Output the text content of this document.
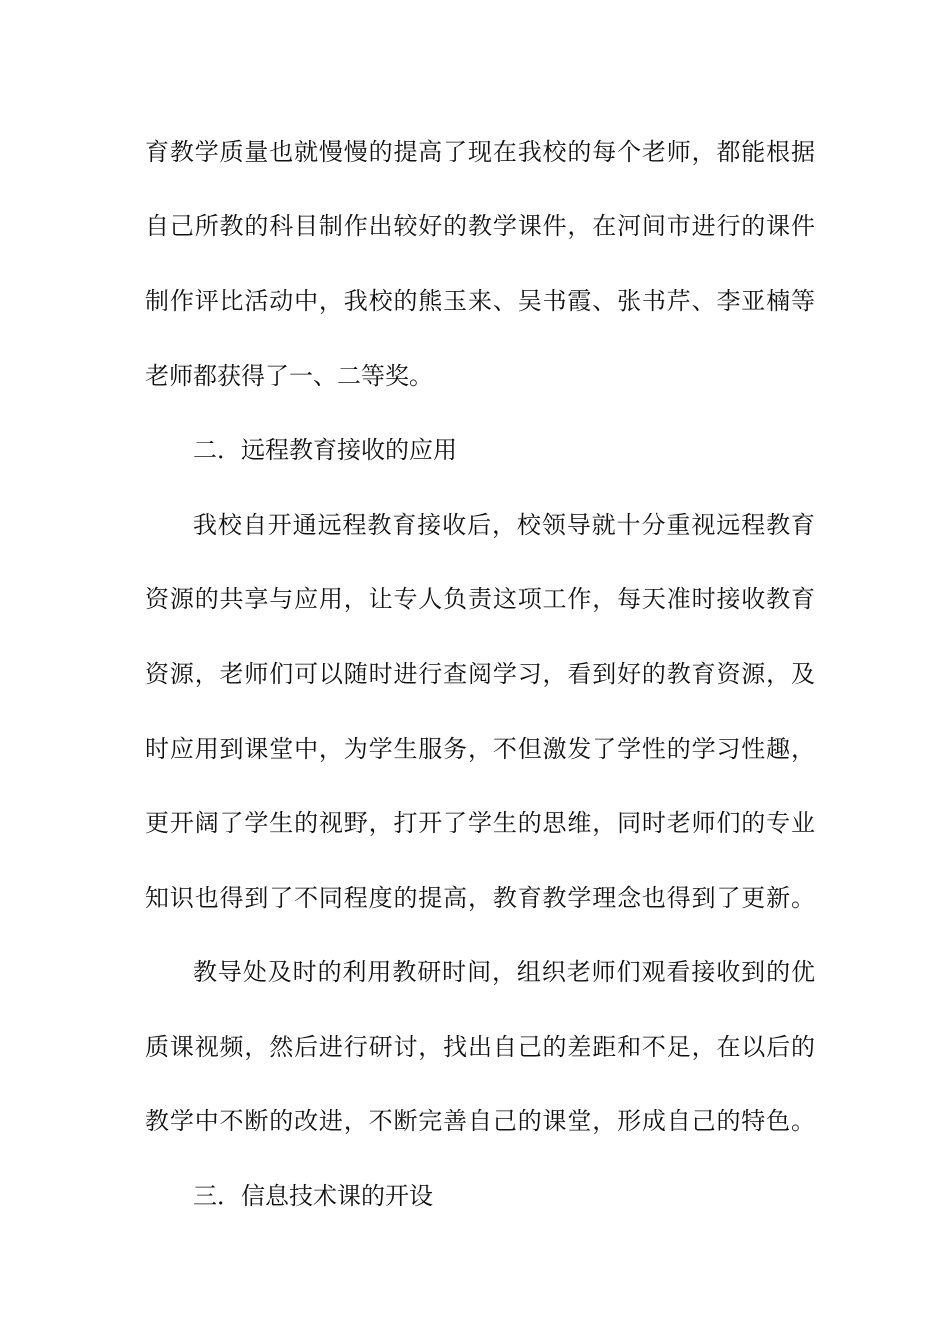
育教学质量也就慢慢的提高了现在我校的每个老师，都能根据
自己所教的科目制作出较好的教学课件，在河间市进行的课件
制作评比活动中，我校的熊玉来、吴书霞、张书芹、李亚楠等
老师都获得了一、二等奖。
二．远程教育接收的应用
我校自开通远程教育接收后，校领导就十分重视远程教育
资源的共享与应用，让专人负责这项工作，每天准时接收教育
资源，老师们可以随时进行查阅学习，看到好的教育资源，及
时应用到课堂中，为学生服务，不但激发了学性的学习性趣，
更开阔了学生的视野，打开了学生的思维，同时老师们的专业
知识也得到了不同程度的提高，教育教学理念也得到了更新。
教导处及时的利用教研时间，组织老师们观看接收到的优
质课视频，然后进行研讨，找出自己的差距和不足，在以后的
教学中不断的改进，不断完善自己的课堂，形成自己的特色。
三．信息技术课的开设
